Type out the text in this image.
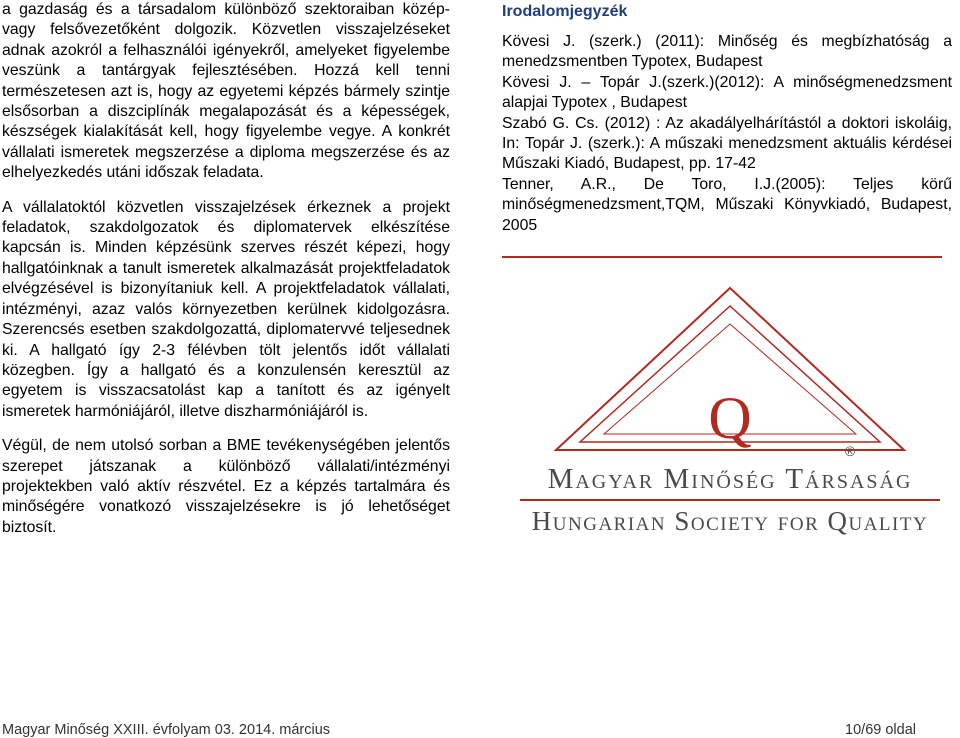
a gazdaság és a társadalom különböző szektoraiban közép- vagy felsővezetőként dolgozik. Közvetlen visszajelzéseket adnak azokról a felhasználói igényekről, amelyeket figyelembe veszünk a tantárgyak fejlesztésében. Hozzá kell tenni természetesen azt is, hogy az egyetemi képzés bármely szintje elsősorban a diszciplínák megalapozását és a képességek, készségek kialakítását kell, hogy figyelembe vegye. A konkrét vállalati ismeretek megszerzése a diploma megszerzése és az elhelyezkedés utáni időszak feladata.

A vállalatoktól közvetlen visszajelzések érkeznek a projekt feladatok, szakdolgozatok és diplomatervek elkészítése kapcsán is. Minden képzésünk szerves részét képezi, hogy hallgatóinknak a tanult ismeretek alkalmazását projektfeladatok elvégzésével is bizonyítaniuk kell. A projektfeladatok vállalati, intézményi, azaz valós környezetben kerülnek kidolgozásra. Szerencsés esetben szakdolgozattá, diplomatervvé teljesednek ki. A hallgató így 2-3 félévben tölt jelentős időt vállalati közegben. Így a hallgató és a konzulensén keresztül az egyetem is visszacsatolást kap a tanított és az igényelt ismeretek harmóniájáról, illetve diszharmóniájáról is.

Végül, de nem utolsó sorban a BME tevékenységében jelentős szerepet játszanak a különböző vállalati/intézményi projektekben való aktív részvétel. Ez a képzés tartalmára és minőségére vonatkozó visszajelzésekre is jó lehetőséget biztosít.

Irodalomjegyzék

Kövesi J. (szerk.) (2011): Minőség és megbízhatóság a menedzsmentben Typotex, Budapest

Kövesi J. – Topár J.(szerk.)(2012): A minőségmenedzsment alapjai Typotex , Budapest

Szabó G. Cs. (2012) : Az akadályelhárítástól a doktori iskoláig, In: Topár J. (szerk.): A műszaki menedzsment aktuális kérdései Műszaki Kiadó, Budapest, pp. 17-42

Tenner, A.R., De Toro, I.J.(2005): Teljes körű minőségmenedzsment,TQM, Műszaki Könyvkiadó, Budapest, 2005

Q	®
Magyar Minőség Társaság
Hungarian Society for Quality
Magyar Minőség XXIII. évfolyam 03. 2014. március	10/69 oldal
